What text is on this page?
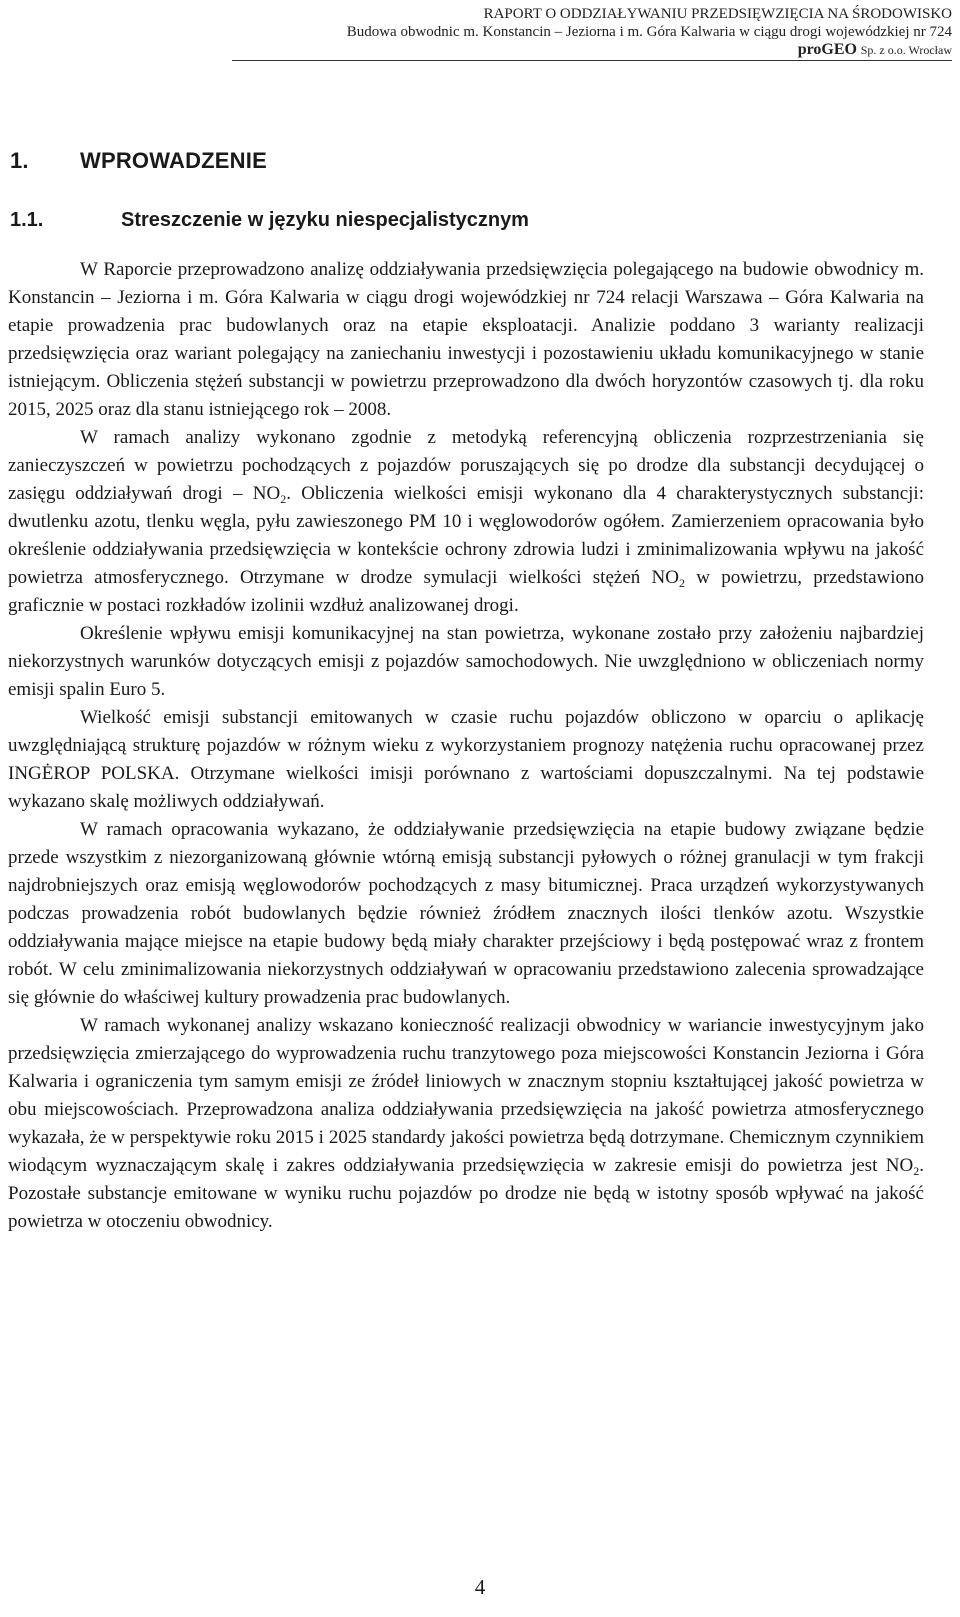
RAPORT O ODDZIAŁYWANIU PRZEDSIĘWZIĘCIA NA ŚRODOWISKO
Budowa obwodnic m. Konstancin – Jeziorna i m. Góra Kalwaria w ciągu drogi wojewódzkiej nr 724
proGEO Sp. z o.o. Wrocław
1. WPROWADZENIE
1.1.	Streszczenie w języku niespecjalistycznym

W Raporcie przeprowadzono analizę oddziaływania przedsięwzięcia polegającego na budowie obwodnicy m. Konstancin – Jeziorna i m. Góra Kalwaria w ciągu drogi wojewódzkiej nr 724 relacji Warszawa – Góra Kalwaria na etapie prowadzenia prac budowlanych oraz na etapie eksploatacji. Analizie poddano 3 warianty realizacji przedsięwzięcia oraz wariant polegający na zaniechaniu inwestycji i pozostawieniu układu komunikacyjnego w stanie istniejącym. Obliczenia stężeń substancji w powietrzu przeprowadzono dla dwóch horyzontów czasowych tj. dla roku 2015, 2025 oraz dla stanu istniejącego rok – 2008.

W ramach analizy wykonano zgodnie z metodyką referencyjną obliczenia rozprzestrzeniania się zanieczyszczeń w powietrzu pochodzących z pojazdów poruszających się po drodze dla substancji decydującej o zasięgu oddziaływań drogi – $NO_2$. Obliczenia wielkości emisji wykonano dla 4 charakterystycznych substancji: dwutlenku azotu, tlenku węgla, pyłu zawieszonego PM 10 i węglowodorów ogółem. Zamierzeniem opracowania było określenie oddziaływania przedsięwzięcia w kontekście ochrony zdrowia ludzi i zminimalizowania wpływu na jakość powietrza atmosferycznego. Otrzymane w drodze symulacji wielkości stężeń $NO_2$ w powietrzu, przedstawiono graficznie w postaci rozkładów izolinii wzdłuż analizowanej drogi.

Określenie wpływu emisji komunikacyjnej na stan powietrza, wykonane zostało przy założeniu najbardziej niekorzystnych warunków dotyczących emisji z pojazdów samochodowych. Nie uwzględniono w obliczeniach normy emisji spalin Euro 5.

Wielkość emisji substancji emitowanych w czasie ruchu pojazdów obliczono w oparciu o aplikację uwzględniającą strukturę pojazdów w różnym wieku z wykorzystaniem prognozy natężenia ruchu opracowanej przez INGĖROP POLSKA. Otrzymane wielkości imisji porównano z wartościami dopuszczalnymi. Na tej podstawie wykazano skalę możliwych oddziaływań.

W ramach opracowania wykazano, że oddziaływanie przedsięwzięcia na etapie budowy związane będzie przede wszystkim z niezorganizowaną głównie wtórną emisją substancji pyłowych o różnej granulacji w tym frakcji najdrobniejszych oraz emisją węglowodorów pochodzących z masy bitumicznej. Praca urządzeń wykorzystywanych podczas prowadzenia robót budowlanych będzie również źródłem znacznych ilości tlenków azotu. Wszystkie oddziaływania mające miejsce na etapie budowy będą miały charakter przejściowy i będą postępować wraz z frontem robót. W celu zminimalizowania niekorzystnych oddziaływań w opracowaniu przedstawiono zalecenia sprowadzające się głównie do właściwej kultury prowadzenia prac budowlanych.

W ramach wykonanej analizy wskazano konieczność realizacji obwodnicy w wariancie inwestycyjnym jako przedsięwzięcia zmierzającego do wyprowadzenia ruchu tranzytowego poza miejscowości Konstancin Jeziorna i Góra Kalwaria i ograniczenia tym samym emisji ze źródeł liniowych w znacznym stopniu kształtującej jakość powietrza w obu miejscowościach. Przeprowadzona analiza oddziaływania przedsięwzięcia na jakość powietrza atmosferycznego wykazała, że w perspektywie roku 2015 i 2025 standardy jakości powietrza będą dotrzymane. Chemicznym czynnikiem wiodącym wyznaczającym skalę i zakres oddziaływania przedsięwzięcia w zakresie emisji do powietrza jest $NO_2$. Pozostałe substancje emitowane w wyniku ruchu pojazdów po drodze nie będą w istotny sposób wpływać na jakość powietrza w otoczeniu obwodnicy.

4
